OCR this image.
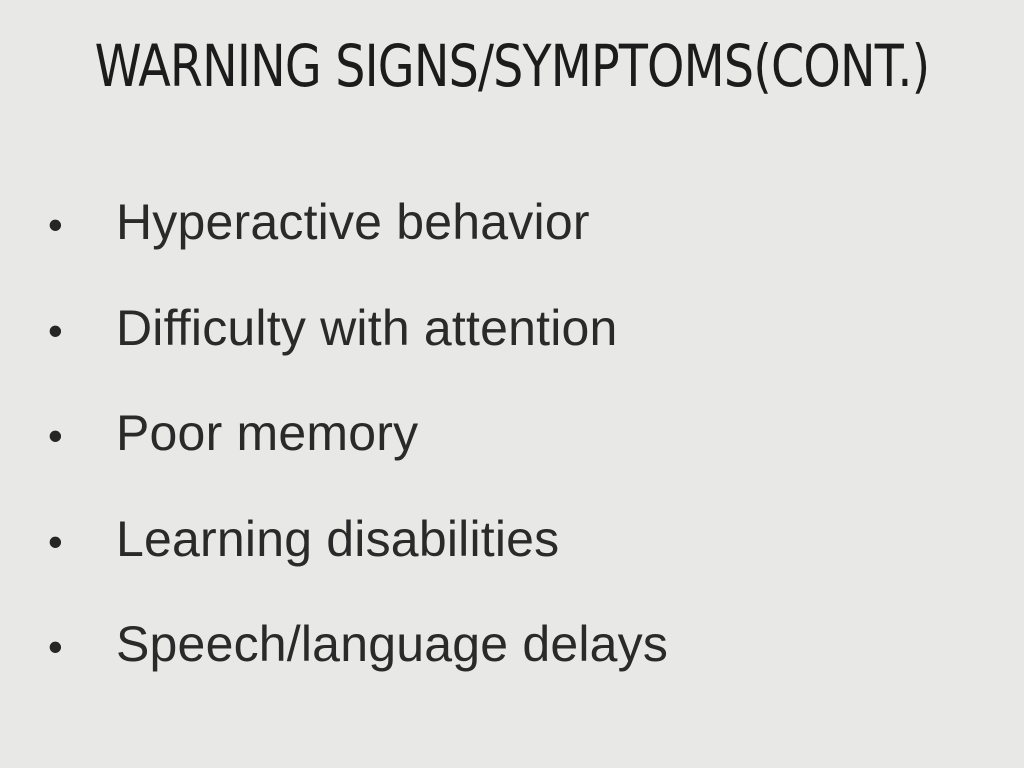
WARNING SIGNS/SYMPTOMS(CONT.)
•	Hyperactive behavior
•	Difficulty with attention
•	Poor memory
•	Learning disabilities
•	Speech/language delays
